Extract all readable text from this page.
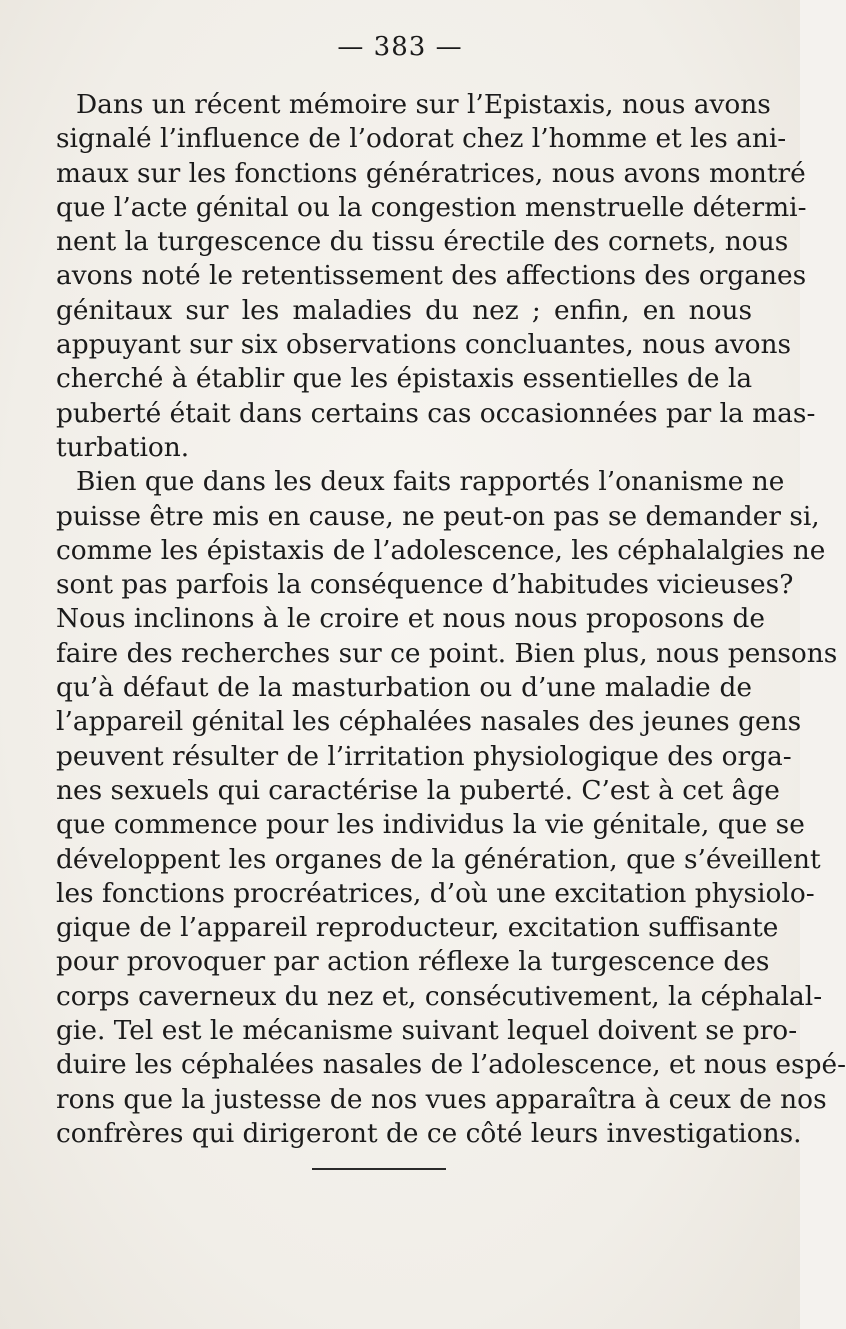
— 383 —
Dans un récent mémoire sur l’Epistaxis, nous avons
signalé l’influence de l’odorat chez l’homme et les ani-
maux sur les fonctions génératrices, nous avons montré
que l’acte génital ou la congestion menstruelle détermi-
nent la turgescence du tissu érectile des cornets, nous
avons noté le retentissement des affections des organes
génitaux sur les maladies du nez ; enfin, en nous
appuyant sur six observations concluantes, nous avons
cherché à établir que les épistaxis essentielles de la
puberté était dans certains cas occasionnées par la mas-
turbation.
Bien que dans les deux faits rapportés l’onanisme ne
puisse être mis en cause, ne peut-on pas se demander si,
comme les épistaxis de l’adolescence, les céphalalgies ne
sont pas parfois la conséquence d’habitudes vicieuses?
Nous inclinons à le croire et nous nous proposons de
faire des recherches sur ce point. Bien plus, nous pensons
qu’à défaut de la masturbation ou d’une maladie de
l’appareil génital les céphalées nasales des jeunes gens
peuvent résulter de l’irritation physiologique des orga-
nes sexuels qui caractérise la puberté. C’est à cet âge
que commence pour les individus la vie génitale, que se
développent les organes de la génération, que s’éveillent
les fonctions procréatrices, d’où une excitation physiolo-
gique de l’appareil reproducteur, excitation suffisante
pour provoquer par action réflexe la turgescence des
corps caverneux du nez et, consécutivement, la céphalal-
gie. Tel est le mécanisme suivant lequel doivent se pro-
duire les céphalées nasales de l’adolescence, et nous espé-
rons que la justesse de nos vues apparaîtra à ceux de nos
confrères qui dirigeront de ce côté leurs investigations.
